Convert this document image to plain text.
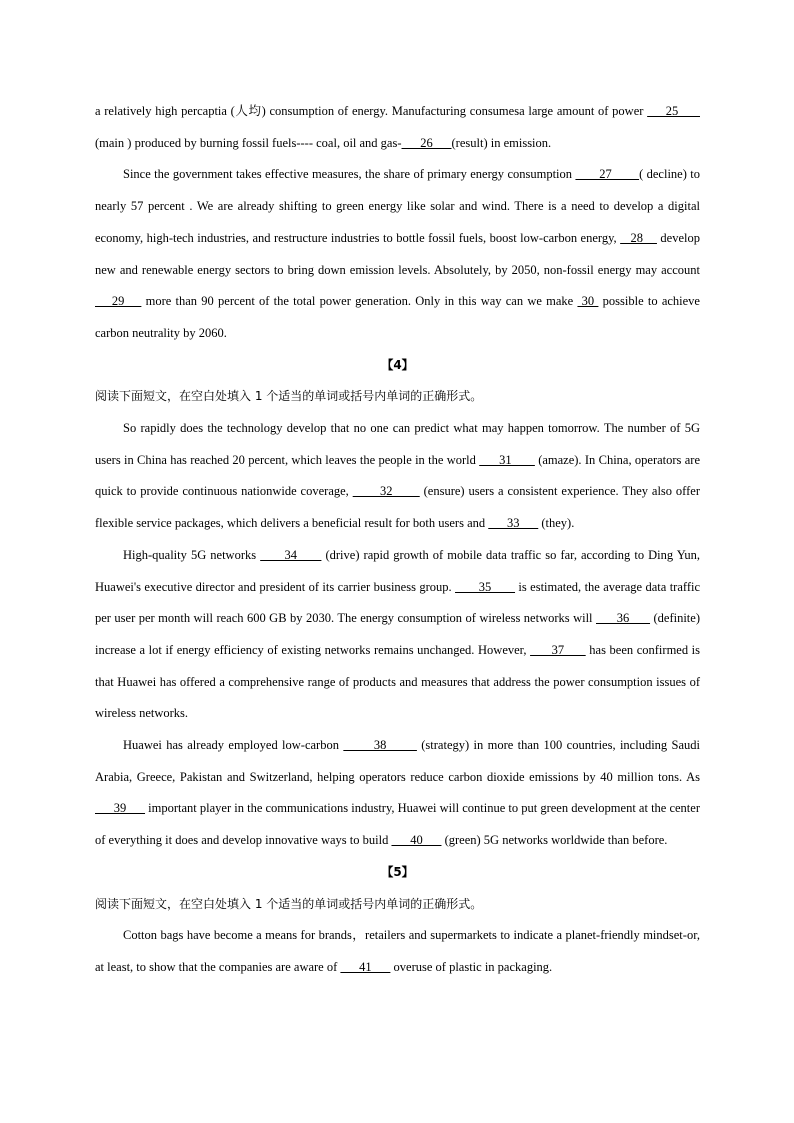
a relatively high percaptia (人均) consumption of energy. Manufacturing consumesa large amount of power      25       (main ) produced by burning fossil fuels---- coal, oil and gas-      26      (result) in emission.

Since the government takes effective measures, the share of primary energy consumption        27        ( decline) to nearly 57 percent . We are already shifting to green energy like solar and wind. There is a need to develop a digital economy, high-tech industries, and restructure industries to bottle fossil fuels, boost low-carbon energy,    28     develop new and renewable energy sectors to bring down emission levels. Absolutely, by 2050, non-fossil energy may account     29     more than 90 percent of the total power generation. Only in this way can we make  30  possible to achieve carbon neutrality by 2060.

【4】

阅读下面短文，在空白处填入 1 个适当的单词或括号内单词的正确形式。

So rapidly does the technology develop that no one can predict what may happen tomorrow. The number of 5G users in China has reached 20 percent, which leaves the people in the world       31        (amaze). In China, operators are quick to provide continuous nationwide coverage,        32        (ensure) users a consistent experience. They also offer flexible service packages, which delivers a beneficial result for both users and       33       (they).

High-quality 5G networks       34       (drive) rapid growth of mobile data traffic so far, according to Ding Yun, Huawei's executive director and president of its carrier business group.        35        is estimated, the average data traffic per user per month will reach 600 GB by 2030. The energy consumption of wireless networks will       36       (definite) increase a lot if energy efficiency of existing networks remains unchanged. However,       37       has been confirmed is that Huawei has offered a comprehensive range of products and measures that address the power consumption issues of wireless networks.

Huawei has already employed low-carbon        38        (strategy) in more than 100 countries, including Saudi Arabia, Greece, Pakistan and Switzerland, helping operators reduce carbon dioxide emissions by 40 million tons. As       39       important player in the communications industry, Huawei will continue to put green development at the center of everything it does and develop innovative ways to build       40       (green) 5G networks worldwide than before.

【5】

阅读下面短文，在空白处填入 1 个适当的单词或括号内单词的正确形式。

Cotton bags have become a means for brands，retailers and supermarkets to indicate a planet-friendly mindset-or, at least, to show that the companies are aware of       41       overuse of plastic in packaging.
